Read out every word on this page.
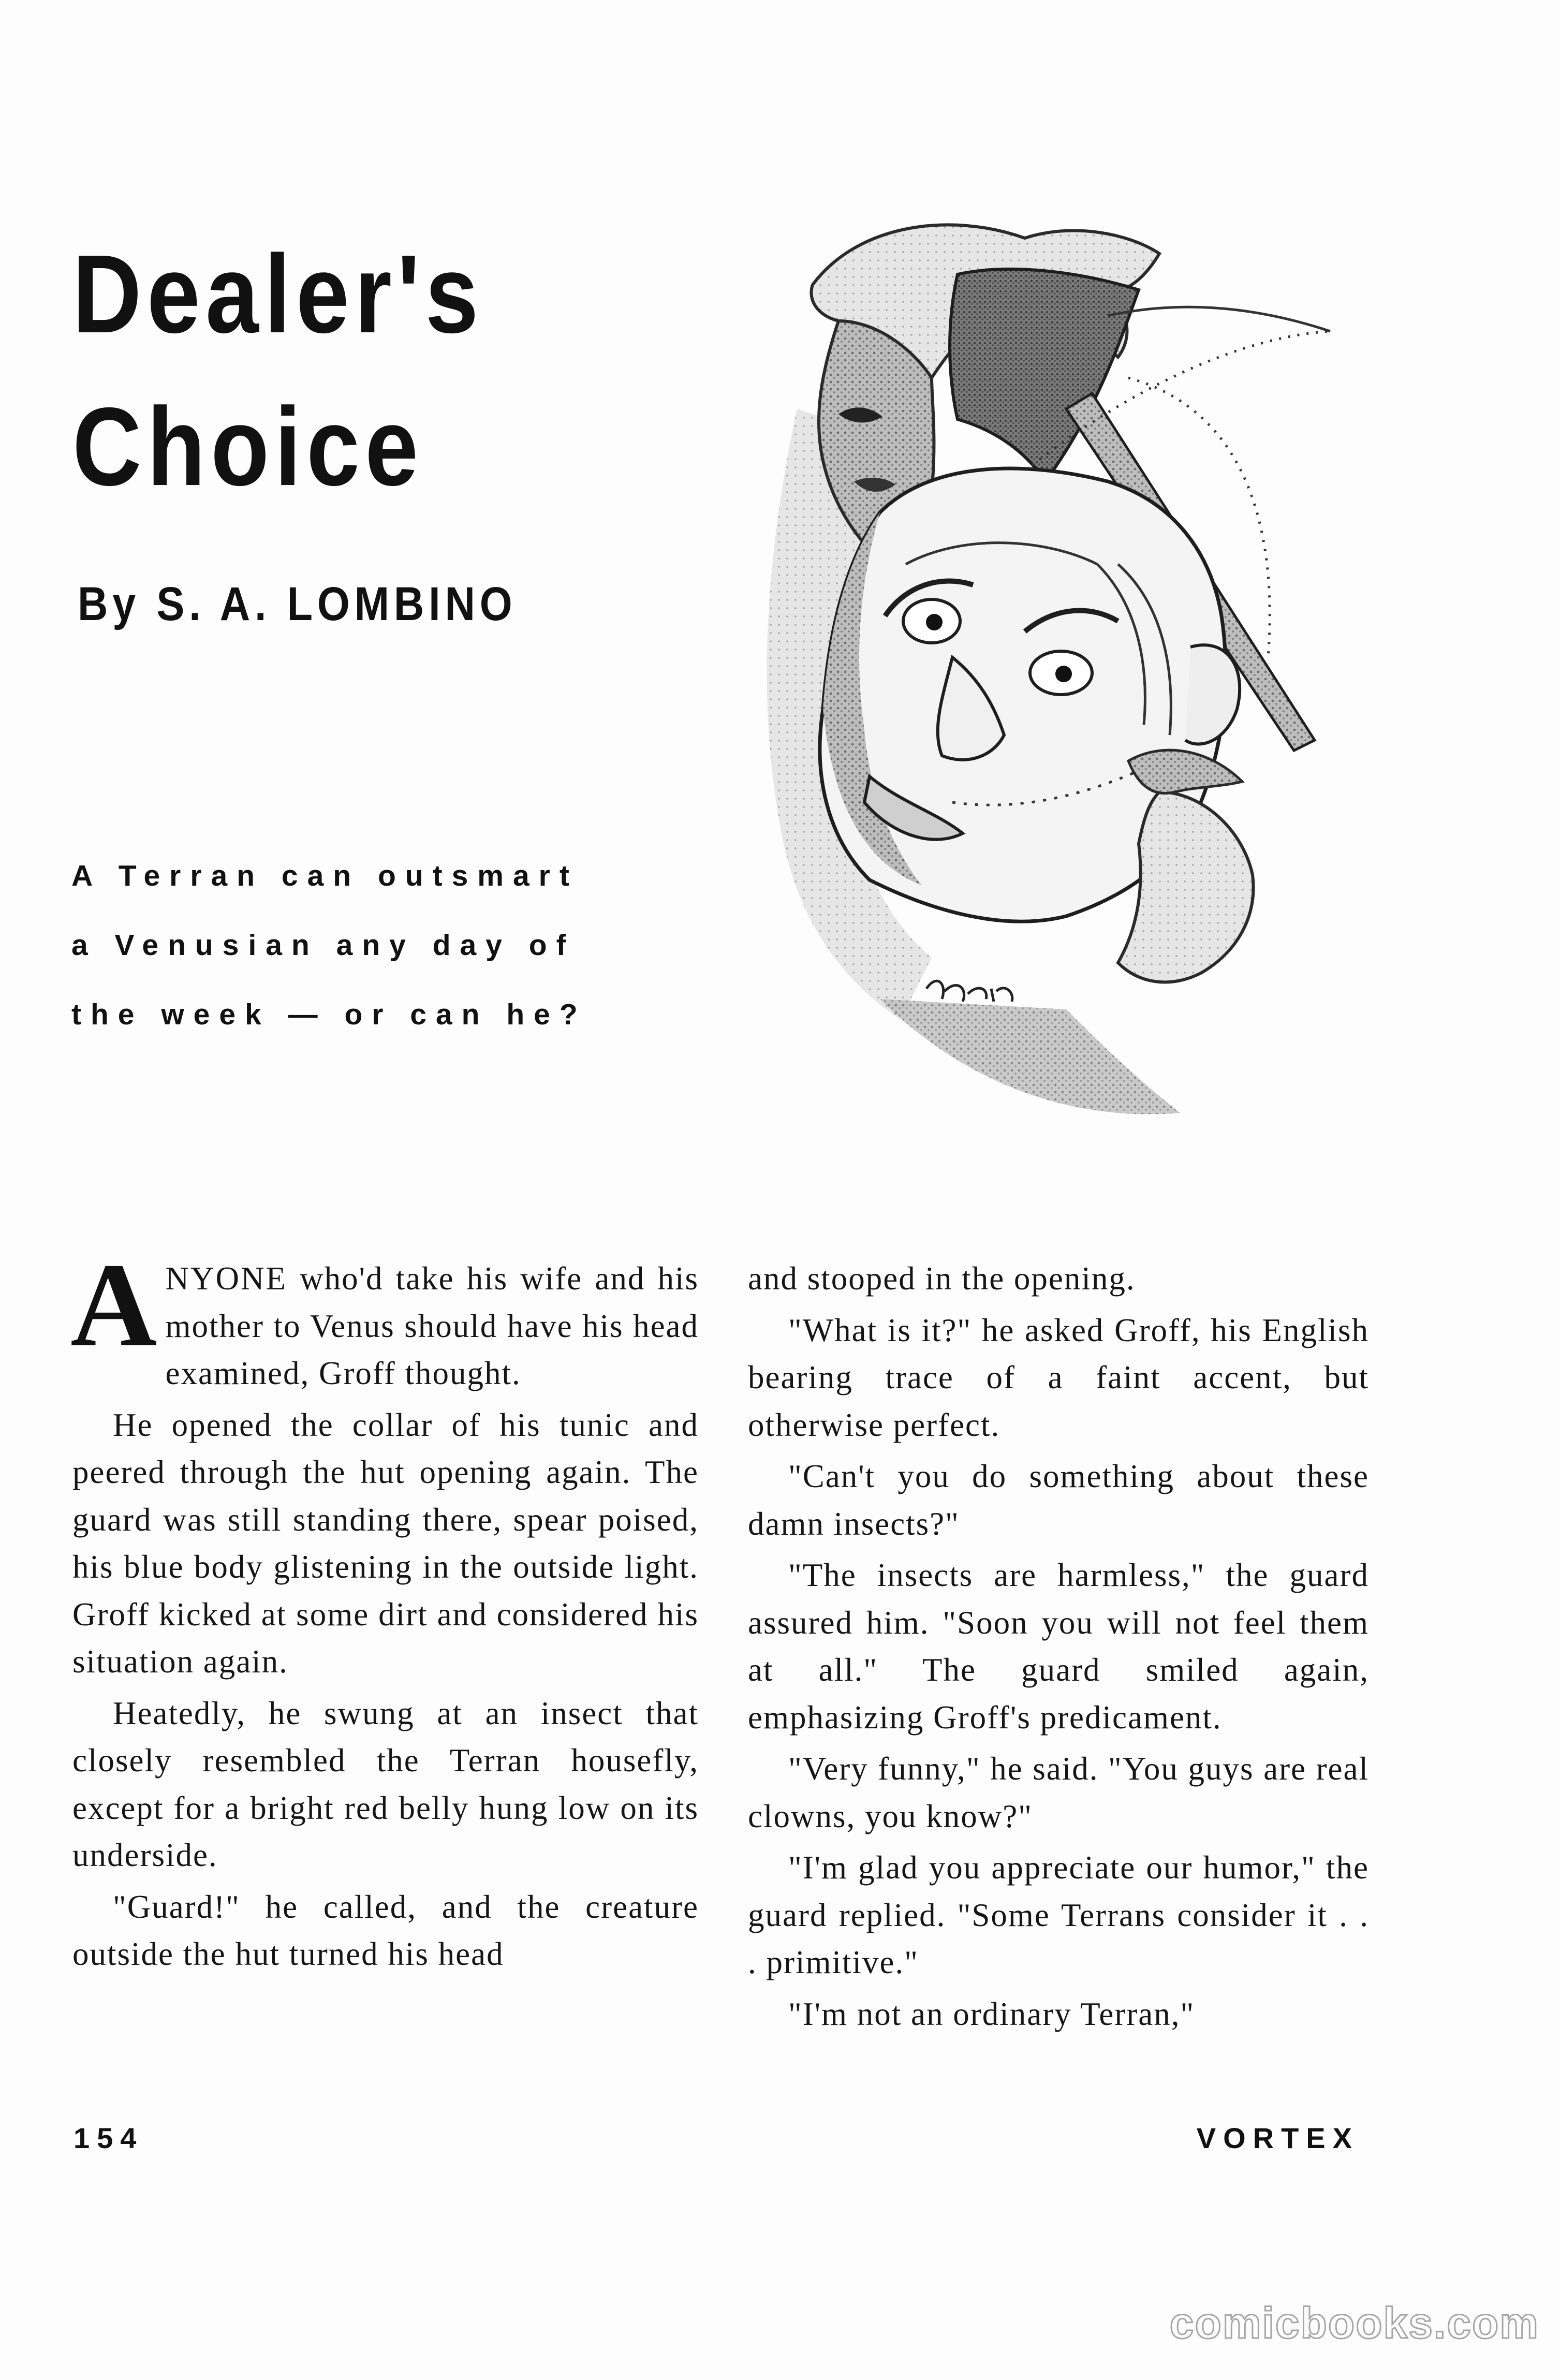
Dealer's
Choice
By S. A. LOMBINO
A Terran can outsmart
a Venusian any day of
the week — or can he?

ANYONE who'd take his wife and his mother to Venus should have his head examined, Groff thought.

He opened the collar of his tunic and peered through the hut opening again. The guard was still standing there, spear poised, his blue body glistening in the outside light. Groff kicked at some dirt and considered his situation again.

Heatedly, he swung at an insect that closely resembled the Terran housefly, except for a bright red belly hung low on its underside.

"Guard!" he called, and the creature outside the hut turned his head

and stooped in the opening.

"What is it?" he asked Groff, his English bearing trace of a faint accent, but otherwise perfect.

"Can't you do something about these damn insects?"

"The insects are harmless," the guard assured him. "Soon you will not feel them at all." The guard smiled again, emphasizing Groff's predicament.

"Very funny," he said. "You guys are real clowns, you know?"

"I'm glad you appreciate our humor," the guard replied. "Some Terrans consider it . . . primitive."

"I'm not an ordinary Terran,"

154	VORTEX
comicbooks.com
